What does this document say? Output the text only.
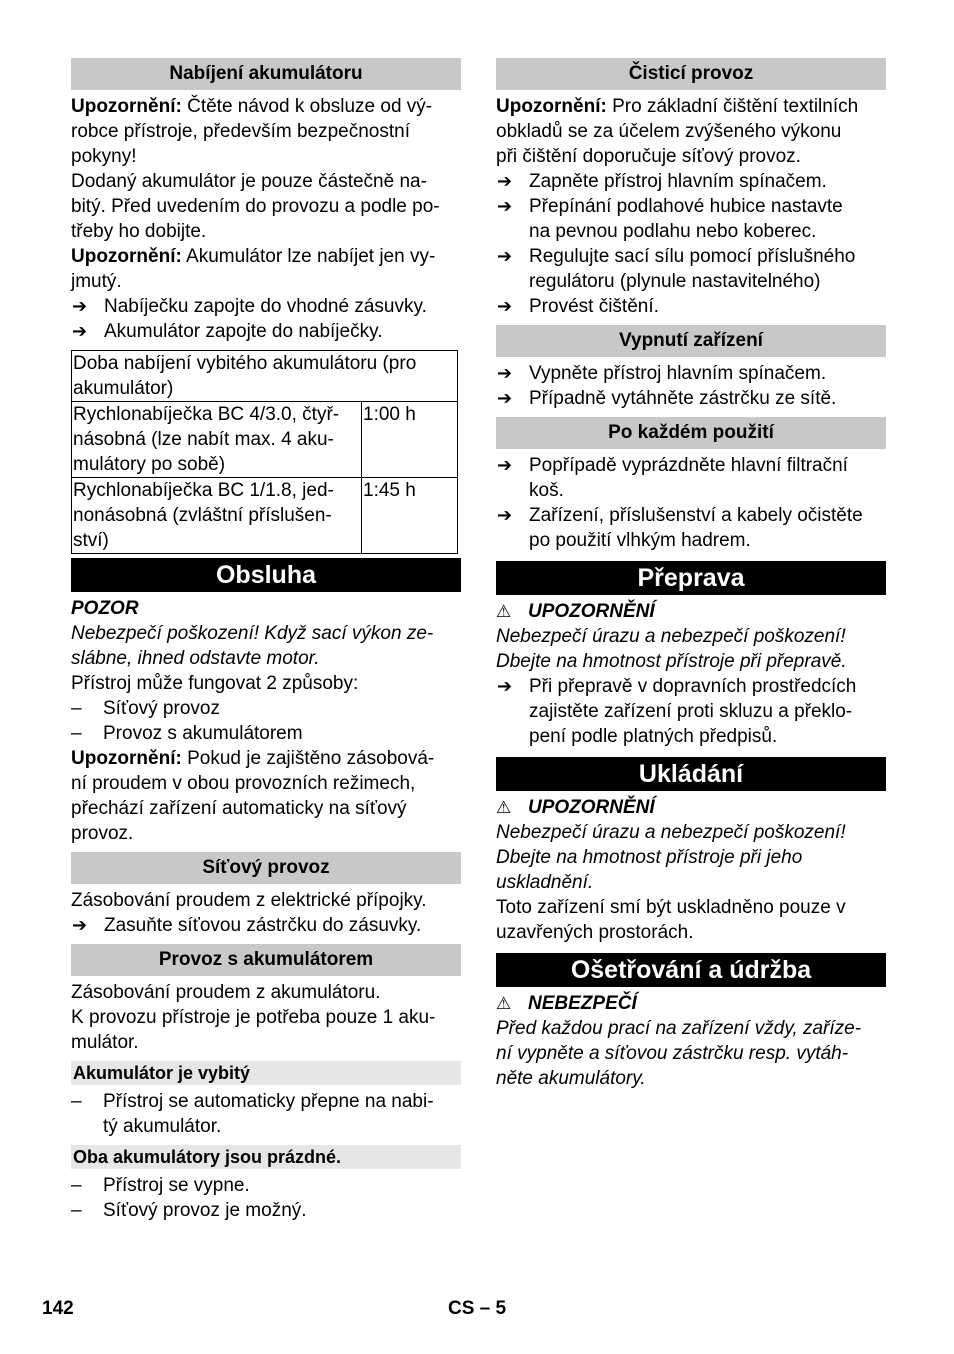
Nabíjení akumulátoru

Upozornění: Čtěte návod k obsluze od vý-
robce přístroje, především bezpečnostní
pokyny!

Dodaný akumulátor je pouze částečně na-
bitý. Před uvedením do provozu a podle po-
třeby ho dobijte.

Upozornění: Akumulátor lze nabíjet jen vy-
jmutý.

➔ Nabíječku zapojte do vhodné zásuvky.
➔ Akumulátor zapojte do nabíječky.
Doba nabíjení vybitého akumulátoru (pro
akumulátor)	
Rychlonabíječka BC 4/3.0, čtyř-
násobná (lze nabít max. 4 aku-
mulátory po sobě)	1:00 h
Rychlonabíječka BC 1/1.8, jed-
nonásobná (zvláštní příslušen-
ství)	1:45 h
Obsluha

POZOR

Nebezpečí poškození! Když sací výkon ze-
slábne, ihned odstavte motor.

Přístroj může fungovat 2 způsoby:

–	Síťový provoz
–	Provoz s akumulátorem

Upozornění: Pokud je zajištěno zásobová-
ní proudem v obou provozních režimech,
přechází zařízení automaticky na síťový
provoz.

Síťový provoz

Zásobování proudem z elektrické přípojky.

➔ Zasuňte síťovou zástrčku do zásuvky.
Provoz s akumulátorem

Zásobování proudem z akumulátoru.

K provozu přístroje je potřeba pouze 1 aku-
mulátor.

Akumulátor je vybitý
–	Přístroj se automaticky přepne na nabi-
tý akumulátor.
Oba akumulátory jsou prázdné.
–	Přístroj se vypne.
–	Síťový provoz je možný.
Čisticí provoz

Upozornění: Pro základní čištění textilních
obkladů se za účelem zvýšeného výkonu
při čištění doporučuje síťový provoz.

➔ Zapněte přístroj hlavním spínačem.
➔ Přepínání podlahové hubice nastavte
na pevnou podlahu nebo koberec.
➔ Regulujte sací sílu pomocí příslušného
regulátoru (plynule nastavitelného)
➔ Provést čištění.
Vypnutí zařízení
➔ Vypněte přístroj hlavním spínačem.
➔ Případně vytáhněte zástrčku ze sítě.
Po každém použití
➔ Popřípadě vyprázdněte hlavní filtrační
koš.
➔ Zařízení, příslušenství a kabely očistěte
po použití vlhkým hadrem.
Přeprava
⚠ UPOZORNĚNÍ

Nebezpečí úrazu a nebezpečí poškození!
Dbejte na hmotnost přístroje při přepravě.

➔ Při přepravě v dopravních prostředcích
zajistěte zařízení proti skluzu a překlo-
pení podle platných předpisů.
Ukládání
⚠ UPOZORNĚNÍ

Nebezpečí úrazu a nebezpečí poškození!
Dbejte na hmotnost přístroje při jeho
uskladnění.

Toto zařízení smí být uskladněno pouze v
uzavřených prostorách.

Ošetřování a údržba
⚠ NEBEZPEČÍ

Před každou prací na zařízení vždy, zaříze-
ní vypněte a síťovou zástrčku resp. vytáh-
něte akumulátory.

142	CS – 5
